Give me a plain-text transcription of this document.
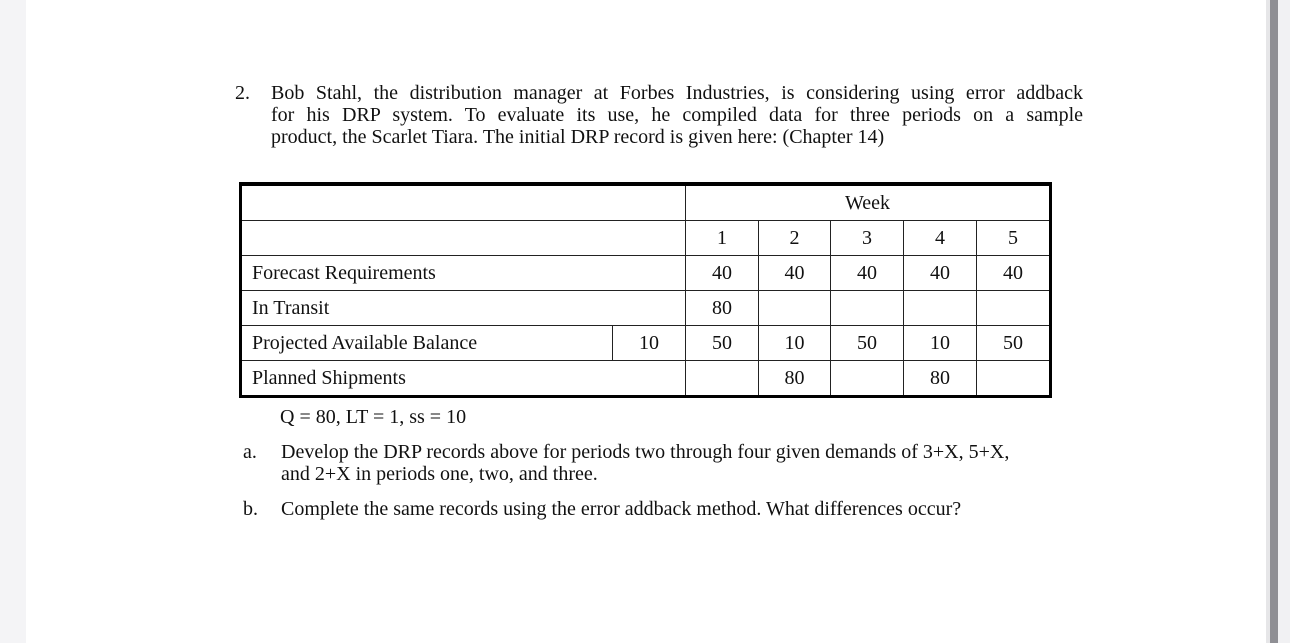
2. Bob Stahl, the distribution manager at Forbes Industries, is considering using error addback
for his DRP system. To evaluate its use, he compiled data for three periods on a sample
product, the Scarlet Tiara. The initial DRP record is given here: (Chapter 14)
		Week				
		1	2	3	4	5
Forecast Requirements		40	40	40	40	40
In Transit		80				
Projected Available Balance	10	50	10	50	10	50
Planned Shipments			80		80	
Q = 80, LT = 1, ss = 10
a. Develop the DRP records above for periods two through four given demands of 3+X, 5+X,
and 2+X in periods one, two, and three.
b. Complete the same records using the error addback method. What differences occur?
